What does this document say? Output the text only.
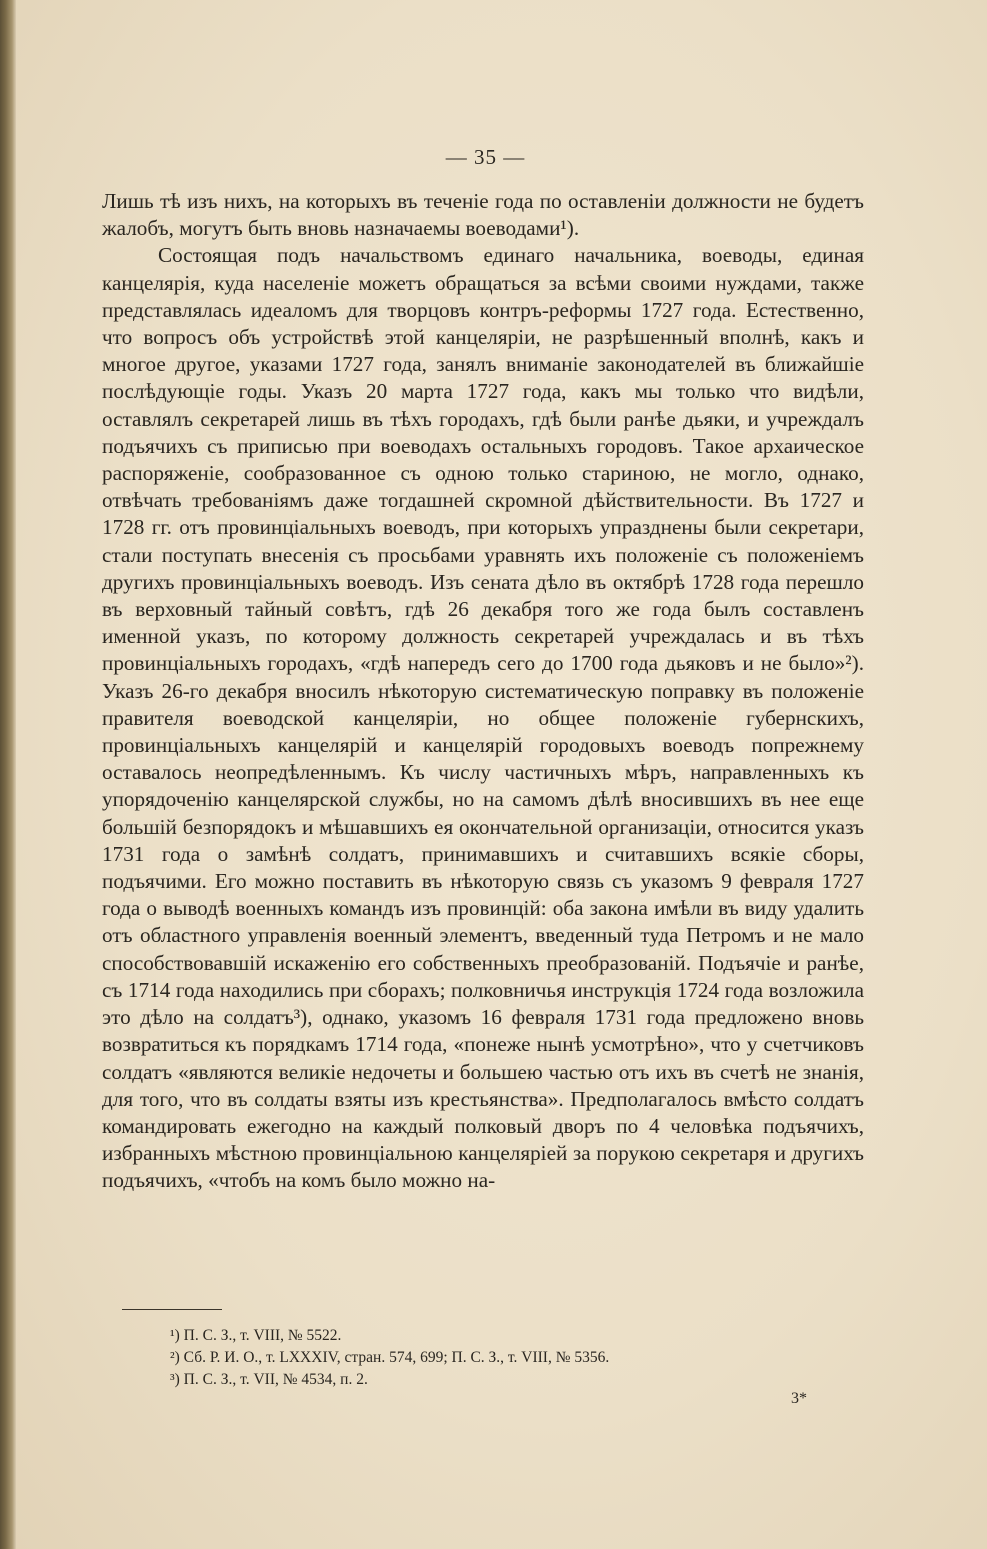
— 35 —

Лишь тѣ изъ нихъ, на которыхъ въ теченіе года по оставленіи должности не будетъ жалобъ, могутъ быть вновь назначаемы воеводами¹).

Состоящая подъ начальствомъ единаго начальника, воеводы, единая канцелярія, куда населеніе можетъ обращаться за всѣми своими нуждами, также представлялась идеаломъ для творцовъ контръ-реформы 1727 года. Естественно, что вопросъ объ устройствѣ этой канцеляріи, не разрѣшенный вполнѣ, какъ и многое другое, указами 1727 года, занялъ вниманіе законодателей въ ближайшіе послѣдующіе годы. Указъ 20 марта 1727 года, какъ мы только что видѣли, оставлялъ секретарей лишь въ тѣхъ городахъ, гдѣ были ранѣе дьяки, и учреждалъ подъячихъ съ приписью при воеводахъ остальныхъ городовъ. Такое архаическое распоряженіе, сообразованное съ одною только стариною, не могло, однако, отвѣчать требованіямъ даже тогдашней скромной дѣйствительности. Въ 1727 и 1728 гг. отъ провинціальныхъ воеводъ, при которыхъ упразднены были секретари, стали поступать внесенія съ просьбами уравнять ихъ положеніе съ положеніемъ другихъ провинціальныхъ воеводъ. Изъ сената дѣло въ октябрѣ 1728 года перешло въ верховный тайный совѣтъ, гдѣ 26 декабря того же года былъ составленъ именной указъ, по которому должность секретарей учреждалась и въ тѣхъ провинціальныхъ городахъ, «гдѣ напередъ сего до 1700 года дьяковъ и не было»²). Указъ 26-го декабря вносилъ нѣкоторую систематическую поправку въ положеніе правителя воеводской канцеляріи, но общее положеніе губернскихъ, провинціальныхъ канцелярій и канцелярій городовыхъ воеводъ попрежнему оставалось неопредѣленнымъ. Къ числу частичныхъ мѣръ, направленныхъ къ упорядоченію канцелярской службы, но на самомъ дѣлѣ вносившихъ въ нее еще большій безпорядокъ и мѣшавшихъ ея окончательной организаціи, относится указъ 1731 года о замѣнѣ солдатъ, принимавшихъ и считавшихъ всякіе сборы, подъячими. Его можно поставить въ нѣкоторую связь съ указомъ 9 февраля 1727 года о выводѣ военныхъ командъ изъ провинцій: оба закона имѣли въ виду удалить отъ областного управленія военный элементъ, введенный туда Петромъ и не мало способствовавшій искаженію его собственныхъ преобразованій. Подъячіе и ранѣе, съ 1714 года находились при сборахъ; полковничья инструкція 1724 года возложила это дѣло на солдатъ³), однако, указомъ 16 февраля 1731 года предложено вновь возвратиться къ порядкамъ 1714 года, «понеже нынѣ усмотрѣно», что у счетчиковъ солдатъ «являются великіе недочеты и большею частью отъ ихъ въ счетѣ не знанія, для того, что въ солдаты взяты изъ крестьянства». Предполагалось вмѣсто солдатъ командировать ежегодно на каждый полковый дворъ по 4 человѣка подъячихъ, избранныхъ мѣстною провинціальною канцеляріей за порукою секретаря и другихъ подъячихъ, «чтобъ на комъ было можно на-

¹) П. С. З., т. VIII, № 5522.
²) Сб. Р. И. О., т. LXXXIV, стран. 574, 699; П. С. З., т. VIII, № 5356.
³) П. С. З., т. VII, № 4534, п. 2.
3*
